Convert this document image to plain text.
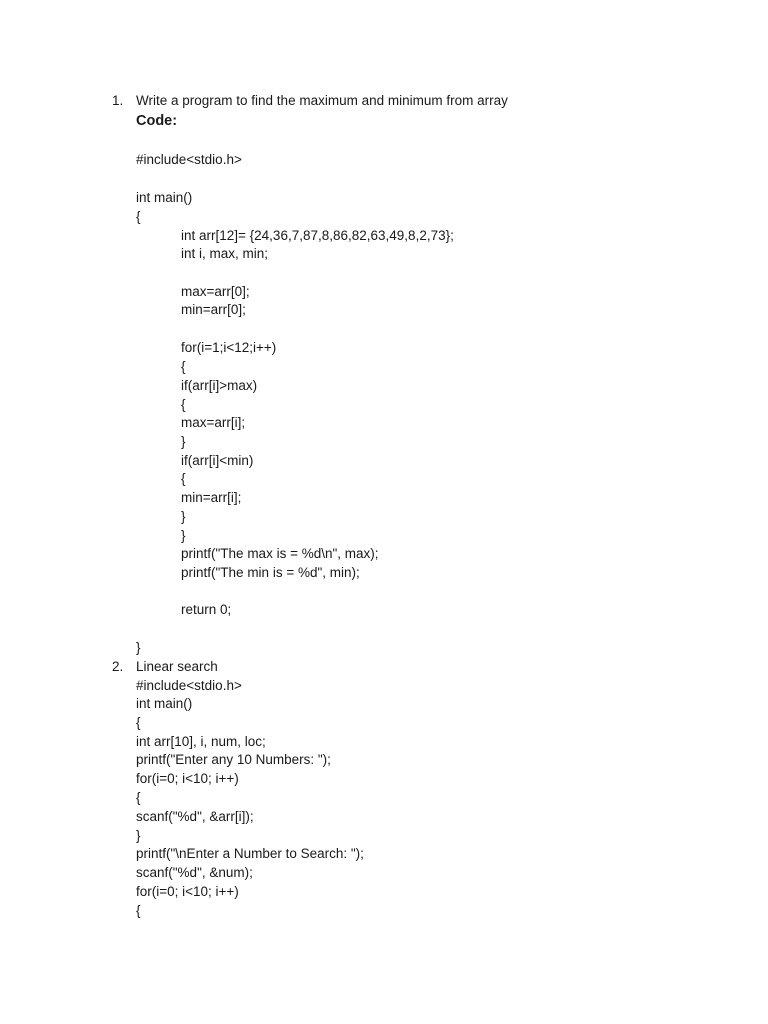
1. Write a program to find the maximum and minimum from array
Code:
#include<stdio.h>
int main()
{
int arr[12]= {24,36,7,87,8,86,82,63,49,8,2,73};
int i, max, min;
max=arr[0];
min=arr[0];
for(i=1;i<12;i++)
{
if(arr[i]>max)
{
max=arr[i];
}
if(arr[i]<min)
{
min=arr[i];
}
}
printf("The max is = %d\n", max);
printf("The min is = %d", min);
return 0;
}
2. Linear search
#include<stdio.h>
int main()
{
int arr[10], i, num, loc;
printf("Enter any 10 Numbers: ");
for(i=0; i<10; i++)
{
scanf("%d", &arr[i]);
}
printf("\nEnter a Number to Search: ");
scanf("%d", &num);
for(i=0; i<10; i++)
{
